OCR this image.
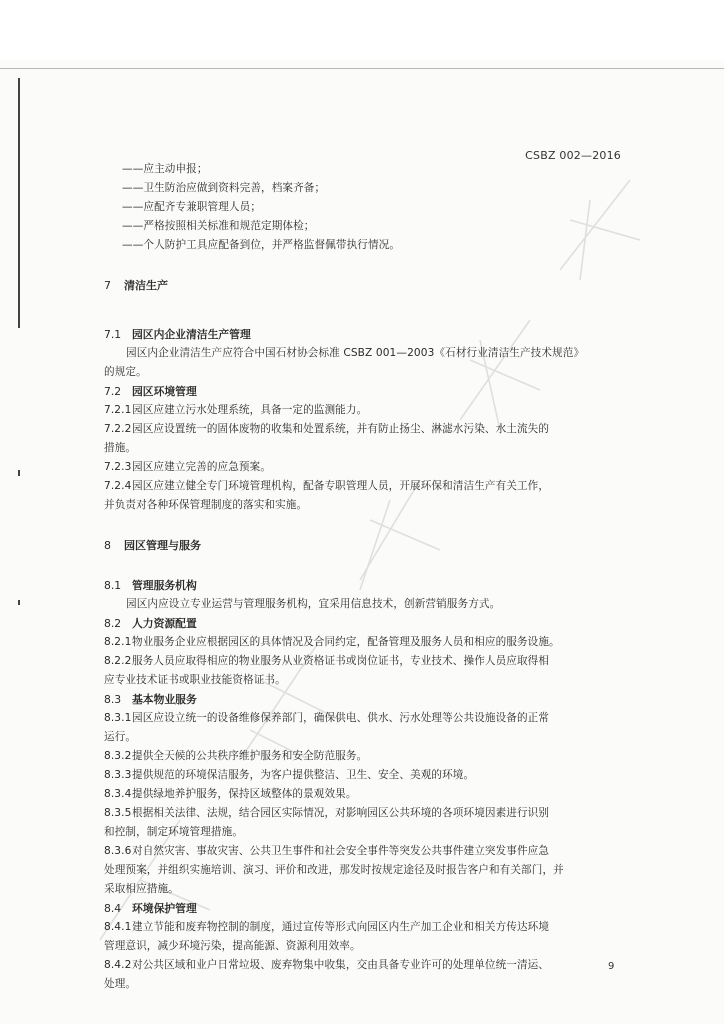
CSBZ 002—2016

——应主动申报；

——卫生防治应做到资料完善，档案齐备；

——应配齐专兼职管理人员；

——严格按照相关标准和规范定期体检；

——个人防护工具应配备到位，并严格监督佩带执行情况。

7 清洁生产

7.1 园区内企业清洁生产管理

园区内企业清洁生产应符合中国石材协会标准 CSBZ 001—2003《石材行业清洁生产技术规范》

的规定。

7.2 园区环境管理

7.2.1园区应建立污水处理系统，具备一定的监测能力。

7.2.2园区应设置统一的固体废物的收集和处置系统，并有防止扬尘、淋滤水污染、水土流失的

措施。

7.2.3园区应建立完善的应急预案。

7.2.4园区应建立健全专门环境管理机构，配备专职管理人员，开展环保和清洁生产有关工作，

并负责对各种环保管理制度的落实和实施。

8 园区管理与服务

8.1 管理服务机构

园区内应设立专业运营与管理服务机构，宜采用信息技术，创新营销服务方式。

8.2 人力资源配置

8.2.1物业服务企业应根据园区的具体情况及合同约定，配备管理及服务人员和相应的服务设施。

8.2.2服务人员应取得相应的物业服务从业资格证书或岗位证书，专业技术、操作人员应取得相

应专业技术证书或职业技能资格证书。

8.3 基本物业服务

8.3.1园区应设立统一的设备维修保养部门，确保供电、供水、污水处理等公共设施设备的正常

运行。

8.3.2提供全天候的公共秩序维护服务和安全防范服务。

8.3.3提供规范的环境保洁服务，为客户提供整洁、卫生、安全、美观的环境。

8.3.4提供绿地养护服务，保持区域整体的景观效果。

8.3.5根据相关法律、法规，结合园区实际情况，对影响园区公共环境的各项环境因素进行识别

和控制，制定环境管理措施。

8.3.6对自然灾害、事故灾害、公共卫生事件和社会安全事件等突发公共事件建立突发事件应急

处理预案，并组织实施培训、演习、评价和改进，那发时按规定途径及时报告客户和有关部门，并

采取相应措施。

8.4 环境保护管理

8.4.1建立节能和废弃物控制的制度，通过宣传等形式向园区内生产加工企业和相关方传达环境

管理意识，减少环境污染，提高能源、资源利用效率。

8.4.2对公共区域和业户日常垃圾、废弃物集中收集，交由具备专业许可的处理单位统一清运、

处理。

9
